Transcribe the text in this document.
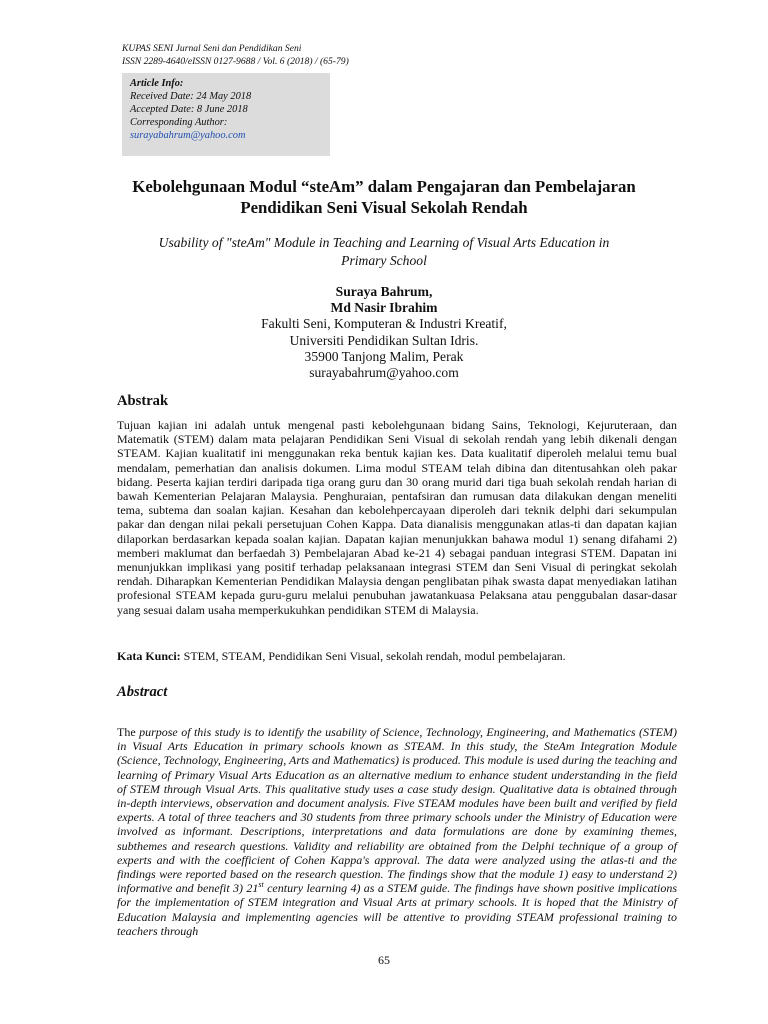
KUPAS SENI Jurnal Seni dan Pendidikan Seni
ISSN 2289-4640/eISSN 0127-9688 / Vol. 6 (2018) / (65-79)
Article Info:
Received Date: 24 May 2018
Accepted Date: 8 June 2018
Corresponding Author:
surayabahrum@yahoo.com
Kebolehgunaan Modul “steAm” dalam Pengajaran dan Pembelajaran
Pendidikan Seni Visual Sekolah Rendah
Usability of "steAm" Module in Teaching and Learning of Visual Arts Education in
Primary School
Suraya Bahrum,
Md Nasir Ibrahim
Fakulti Seni, Komputeran & Industri Kreatif,
Universiti Pendidikan Sultan Idris.
35900 Tanjong Malim, Perak
surayabahrum@yahoo.com
Abstrak
Tujuan kajian ini adalah untuk mengenal pasti kebolehgunaan bidang Sains, Teknologi, Kejuruteraan, dan Matematik (STEM) dalam mata pelajaran Pendidikan Seni Visual di sekolah rendah yang lebih dikenali dengan STEAM. Kajian kualitatif ini menggunakan reka bentuk kajian kes. Data kualitatif diperoleh melalui temu bual mendalam, pemerhatian dan analisis dokumen. Lima modul STEAM telah dibina dan ditentusahkan oleh pakar bidang. Peserta kajian terdiri daripada tiga orang guru dan 30 orang murid dari tiga buah sekolah rendah harian di bawah Kementerian Pelajaran Malaysia. Penghuraian, pentafsiran dan rumusan data dilakukan dengan meneliti tema, subtema dan soalan kajian. Kesahan dan kebolehpercayaan diperoleh dari teknik delphi dari sekumpulan pakar dan dengan nilai pekali persetujuan Cohen Kappa. Data dianalisis menggunakan atlas-ti dan dapatan kajian dilaporkan berdasarkan kepada soalan kajian. Dapatan kajian menunjukkan bahawa modul 1) senang difahami 2) memberi maklumat dan berfaedah 3) Pembelajaran Abad ke-21 4) sebagai panduan integrasi STEM. Dapatan ini menunjukkan implikasi yang positif terhadap pelaksanaan integrasi STEM dan Seni Visual di peringkat sekolah rendah. Diharapkan Kementerian Pendidikan Malaysia dengan penglibatan pihak swasta dapat menyediakan latihan profesional STEAM kepada guru-guru melalui penubuhan jawatankuasa Pelaksana atau penggubalan dasar-dasar yang sesuai dalam usaha memperkukuhkan pendidikan STEM di Malaysia.
Kata Kunci: STEM, STEAM, Pendidikan Seni Visual, sekolah rendah, modul pembelajaran.
Abstract
The purpose of this study is to identify the usability of Science, Technology, Engineering, and Mathematics (STEM) in Visual Arts Education in primary schools known as STEAM. In this study, the SteAm Integration Module (Science, Technology, Engineering, Arts and Mathematics) is produced. This module is used during the teaching and learning of Primary Visual Arts Education as an alternative medium to enhance student understanding in the field of STEM through Visual Arts. This qualitative study uses a case study design. Qualitative data is obtained through in-depth interviews, observation and document analysis. Five STEAM modules have been built and verified by field experts. A total of three teachers and 30 students from three primary schools under the Ministry of Education were involved as informant. Descriptions, interpretations and data formulations are done by examining themes, subthemes and research questions. Validity and reliability are obtained from the Delphi technique of a group of experts and with the coefficient of Cohen Kappa's approval. The data were analyzed using the atlas-ti and the findings were reported based on the research question. The findings show that the module 1) easy to understand 2) informative and benefit 3) 21st century learning 4) as a STEM guide. The findings have shown positive implications for the implementation of STEM integration and Visual Arts at primary schools. It is hoped that the Ministry of Education Malaysia and implementing agencies will be attentive to providing STEAM professional training to teachers through
65
